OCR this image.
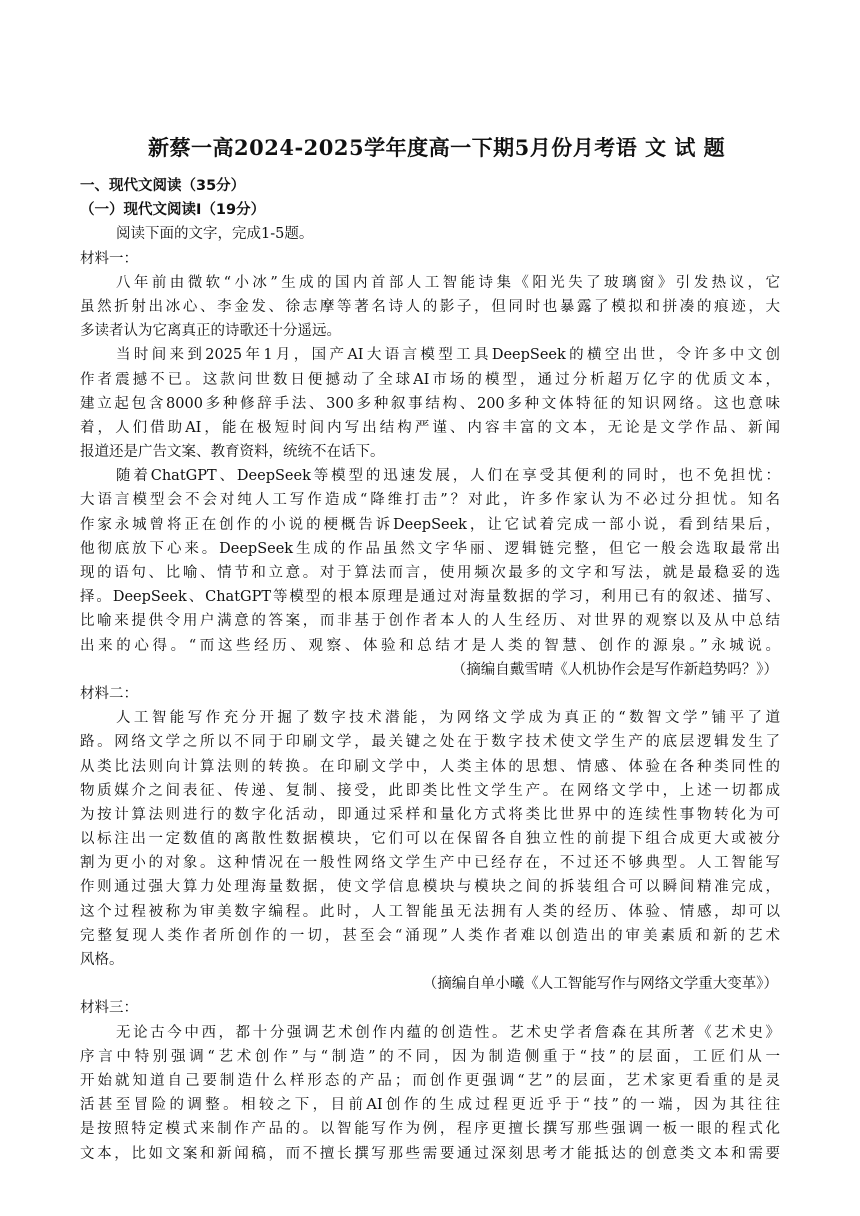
新蔡一高2024-2025学年度高一下期5月份月考语 文 试 题
一、现代文阅读（35分）
（一）现代文阅读Ⅰ（19分）
阅读下面的文字，完成1-5题。
材料一：
八年前由微软“小冰”生成的国内首部人工智能诗集《阳光失了玻璃窗》引发热议，它
虽然折射出冰心、李金发、徐志摩等著名诗人的影子，但同时也暴露了模拟和拼凑的痕迹，大
多读者认为它离真正的诗歌还十分遥远。
当时间来到2025年1月，国产AI大语言模型工具DeepSeek的横空出世，令许多中文创
作者震撼不已。这款问世数日便撼动了全球AI市场的模型，通过分析超万亿字的优质文本，
建立起包含8000多种修辞手法、300多种叙事结构、200多种文体特征的知识网络。这也意味
着，人们借助AI，能在极短时间内写出结构严谨、内容丰富的文本，无论是文学作品、新闻
报道还是广告文案、教育资料，统统不在话下。
随着ChatGPT、DeepSeek等模型的迅速发展，人们在享受其便利的同时，也不免担忧：
大语言模型会不会对纯人工写作造成“降维打击”？对此，许多作家认为不必过分担忧。知名
作家永城曾将正在创作的小说的梗概告诉DeepSeek，让它试着完成一部小说，看到结果后，
他彻底放下心来。DeepSeek生成的作品虽然文字华丽、逻辑链完整，但它一般会选取最常出
现的语句、比喻、情节和立意。对于算法而言，使用频次最多的文字和写法，就是最稳妥的选
择。DeepSeek、ChatGPT等模型的根本原理是通过对海量数据的学习，利用已有的叙述、描写、
比喻来提供令用户满意的答案，而非基于创作者本人的人生经历、对世界的观察以及从中总结
出来的心得。“而这些经历、观察、体验和总结才是人类的智慧、创作的源泉。”永城说。
（摘编自戴雪晴《人机协作会是写作新趋势吗？》）
材料二：
人工智能写作充分开掘了数字技术潜能，为网络文学成为真正的“数智文学”铺平了道
路。网络文学之所以不同于印刷文学，最关键之处在于数字技术使文学生产的底层逻辑发生了
从类比法则向计算法则的转换。在印刷文学中，人类主体的思想、情感、体验在各种类同性的
物质媒介之间表征、传递、复制、接受，此即类比性文学生产。在网络文学中，上述一切都成
为按计算法则进行的数字化活动，即通过采样和量化方式将类比世界中的连续性事物转化为可
以标注出一定数值的离散性数据模块，它们可以在保留各自独立性的前提下组合成更大或被分
割为更小的对象。这种情况在一般性网络文学生产中已经存在，不过还不够典型。人工智能写
作则通过强大算力处理海量数据，使文学信息模块与模块之间的拆装组合可以瞬间精准完成，
这个过程被称为审美数字编程。此时，人工智能虽无法拥有人类的经历、体验、情感，却可以
完整复现人类作者所创作的一切，甚至会“涌现”人类作者难以创造出的审美素质和新的艺术
风格。
（摘编自单小曦《人工智能写作与网络文学重大变革》）
材料三：
无论古今中西，都十分强调艺术创作内蕴的创造性。艺术史学者詹森在其所著《艺术史》
序言中特别强调“艺术创作”与“制造”的不同，因为制造侧重于“技”的层面，工匠们从一
开始就知道自己要制造什么样形态的产品；而创作更强调“艺”的层面，艺术家更看重的是灵
活甚至冒险的调整。相较之下，目前AI创作的生成过程更近乎于“技”的一端，因为其往往
是按照特定模式来制作产品的。以智能写作为例，程序更擅长撰写那些强调一板一眼的程式化
文本，比如文案和新闻稿，而不擅长撰写那些需要通过深刻思考才能抵达的创意类文本和需要
